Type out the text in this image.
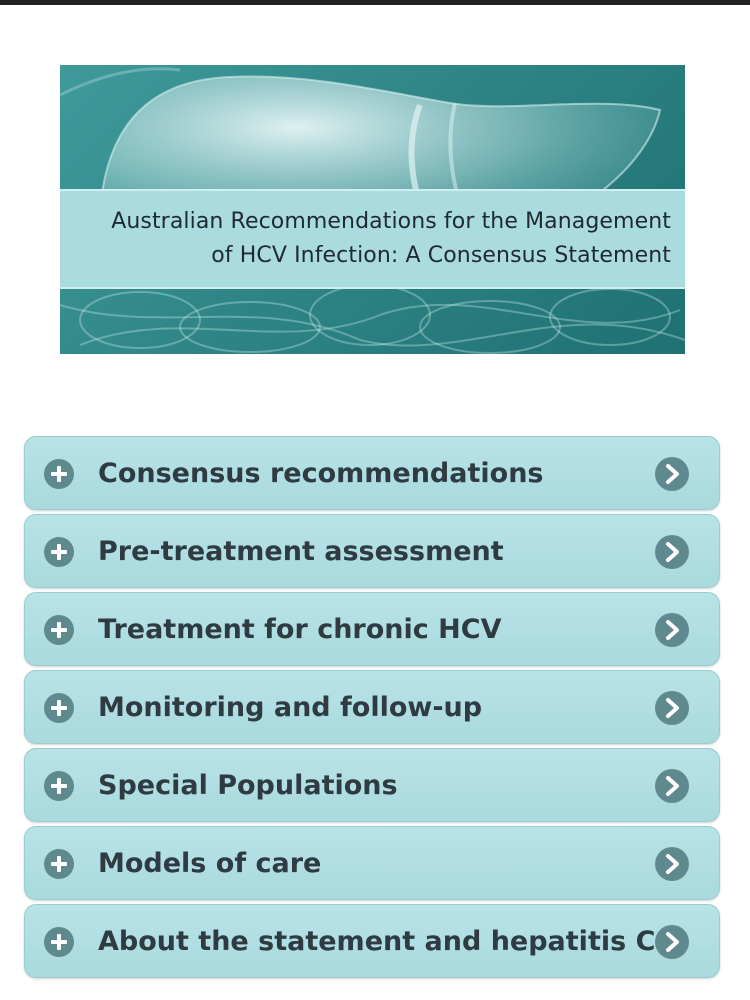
Australian Recommendations for the Management
of HCV Infection: A Consensus Statement
Consensus recommendations
Pre-treatment assessment
Treatment for chronic HCV
Monitoring and follow-up
Special Populations
Models of care
About the statement and hepatitis C
